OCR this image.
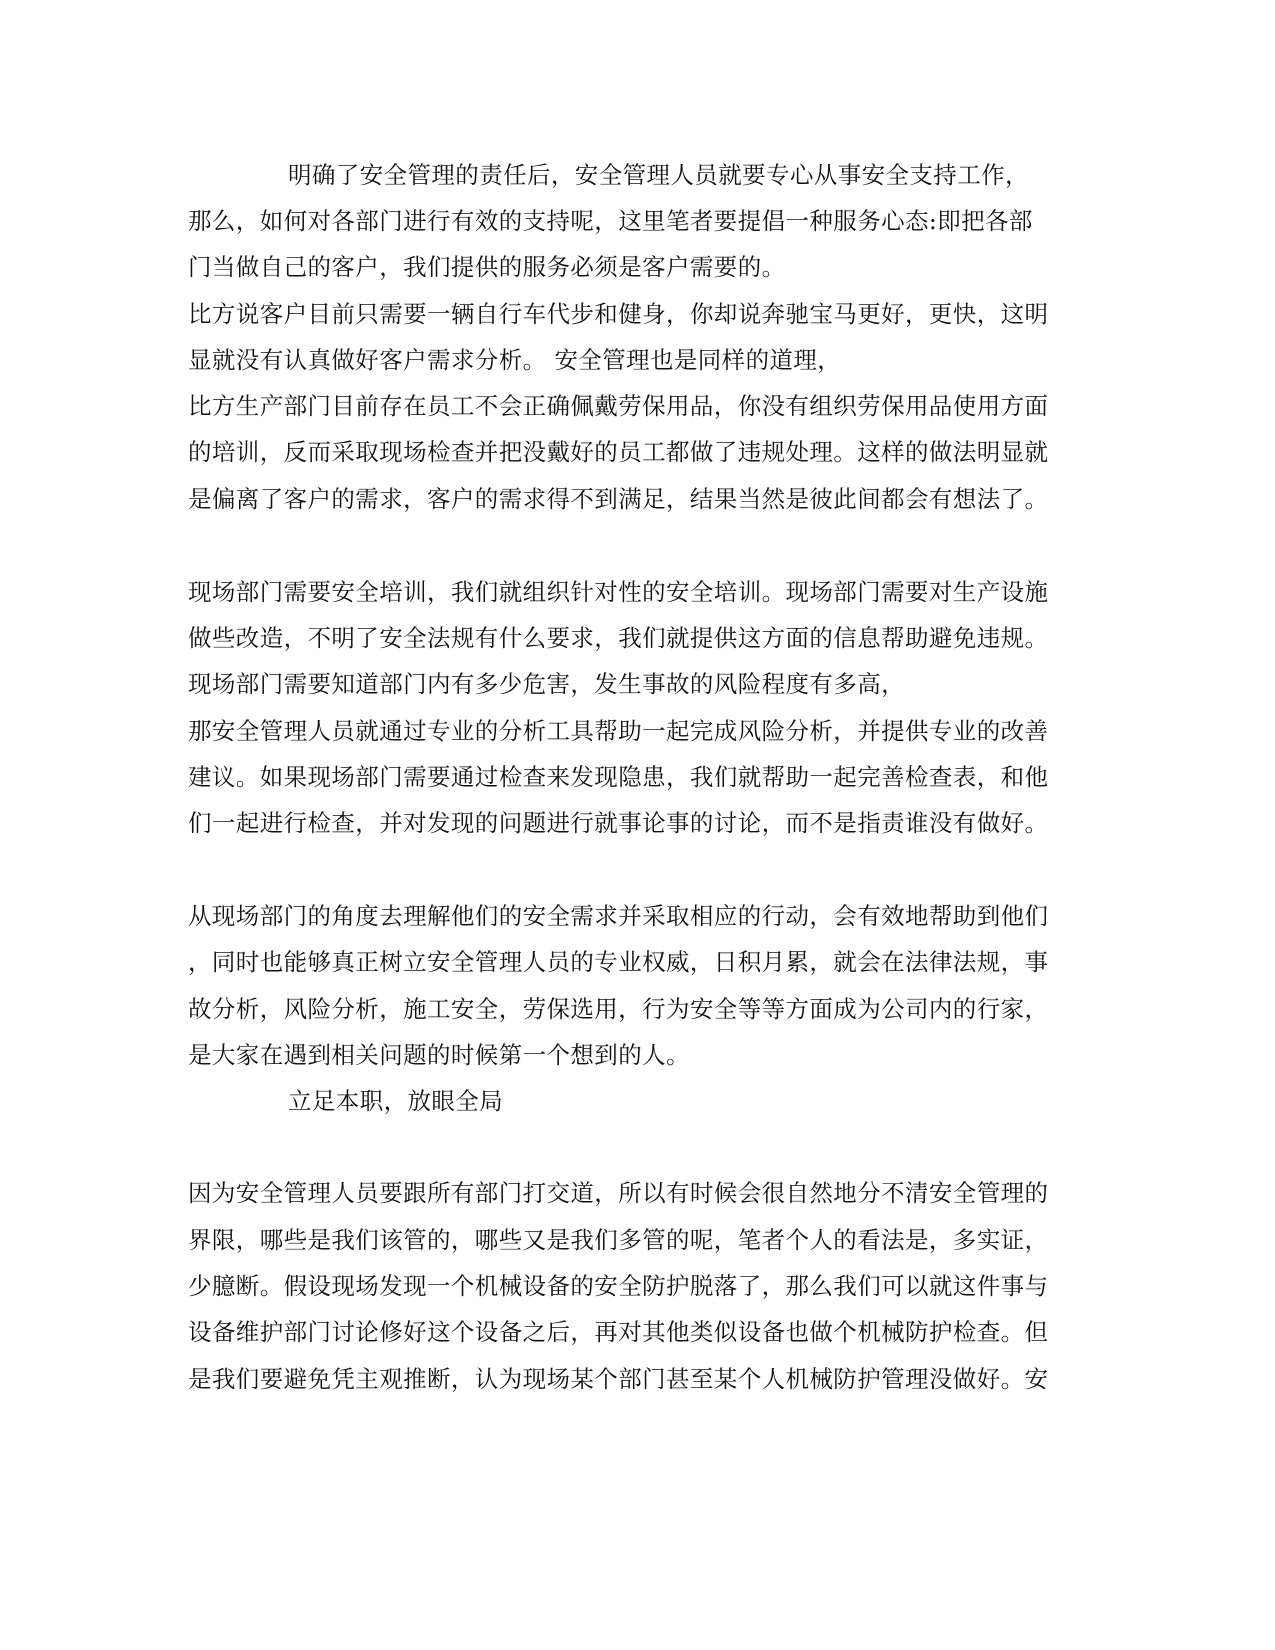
明确了安全管理的责任后，安全管理人员就要专心从事安全支持工作，
那么，如何对各部门进行有效的支持呢，这里笔者要提倡一种服务心态:即把各部
门当做自己的客户，我们提供的服务必须是客户需要的。
比方说客户目前只需要一辆自行车代步和健身，你却说奔驰宝马更好，更快，这明
显就没有认真做好客户需求分析。 安全管理也是同样的道理，
比方生产部门目前存在员工不会正确佩戴劳保用品，你没有组织劳保用品使用方面
的培训，反而采取现场检查并把没戴好的员工都做了违规处理。这样的做法明显就
是偏离了客户的需求，客户的需求得不到满足，结果当然是彼此间都会有想法了。
现场部门需要安全培训，我们就组织针对性的安全培训。现场部门需要对生产设施
做些改造，不明了安全法规有什么要求，我们就提供这方面的信息帮助避免违规。
现场部门需要知道部门内有多少危害，发生事故的风险程度有多高，
那安全管理人员就通过专业的分析工具帮助一起完成风险分析，并提供专业的改善
建议。如果现场部门需要通过检查来发现隐患，我们就帮助一起完善检查表，和他
们一起进行检查，并对发现的问题进行就事论事的讨论，而不是指责谁没有做好。
从现场部门的角度去理解他们的安全需求并采取相应的行动，会有效地帮助到他们
，同时也能够真正树立安全管理人员的专业权威，日积月累，就会在法律法规，事
故分析，风险分析，施工安全，劳保选用，行为安全等等方面成为公司内的行家，
是大家在遇到相关问题的时候第一个想到的人。
立足本职，放眼全局
因为安全管理人员要跟所有部门打交道，所以有时候会很自然地分不清安全管理的
界限，哪些是我们该管的，哪些又是我们多管的呢，笔者个人的看法是，多实证，
少臆断。假设现场发现一个机械设备的安全防护脱落了，那么我们可以就这件事与
设备维护部门讨论修好这个设备之后，再对其他类似设备也做个机械防护检查。但
是我们要避免凭主观推断，认为现场某个部门甚至某个人机械防护管理没做好。安
